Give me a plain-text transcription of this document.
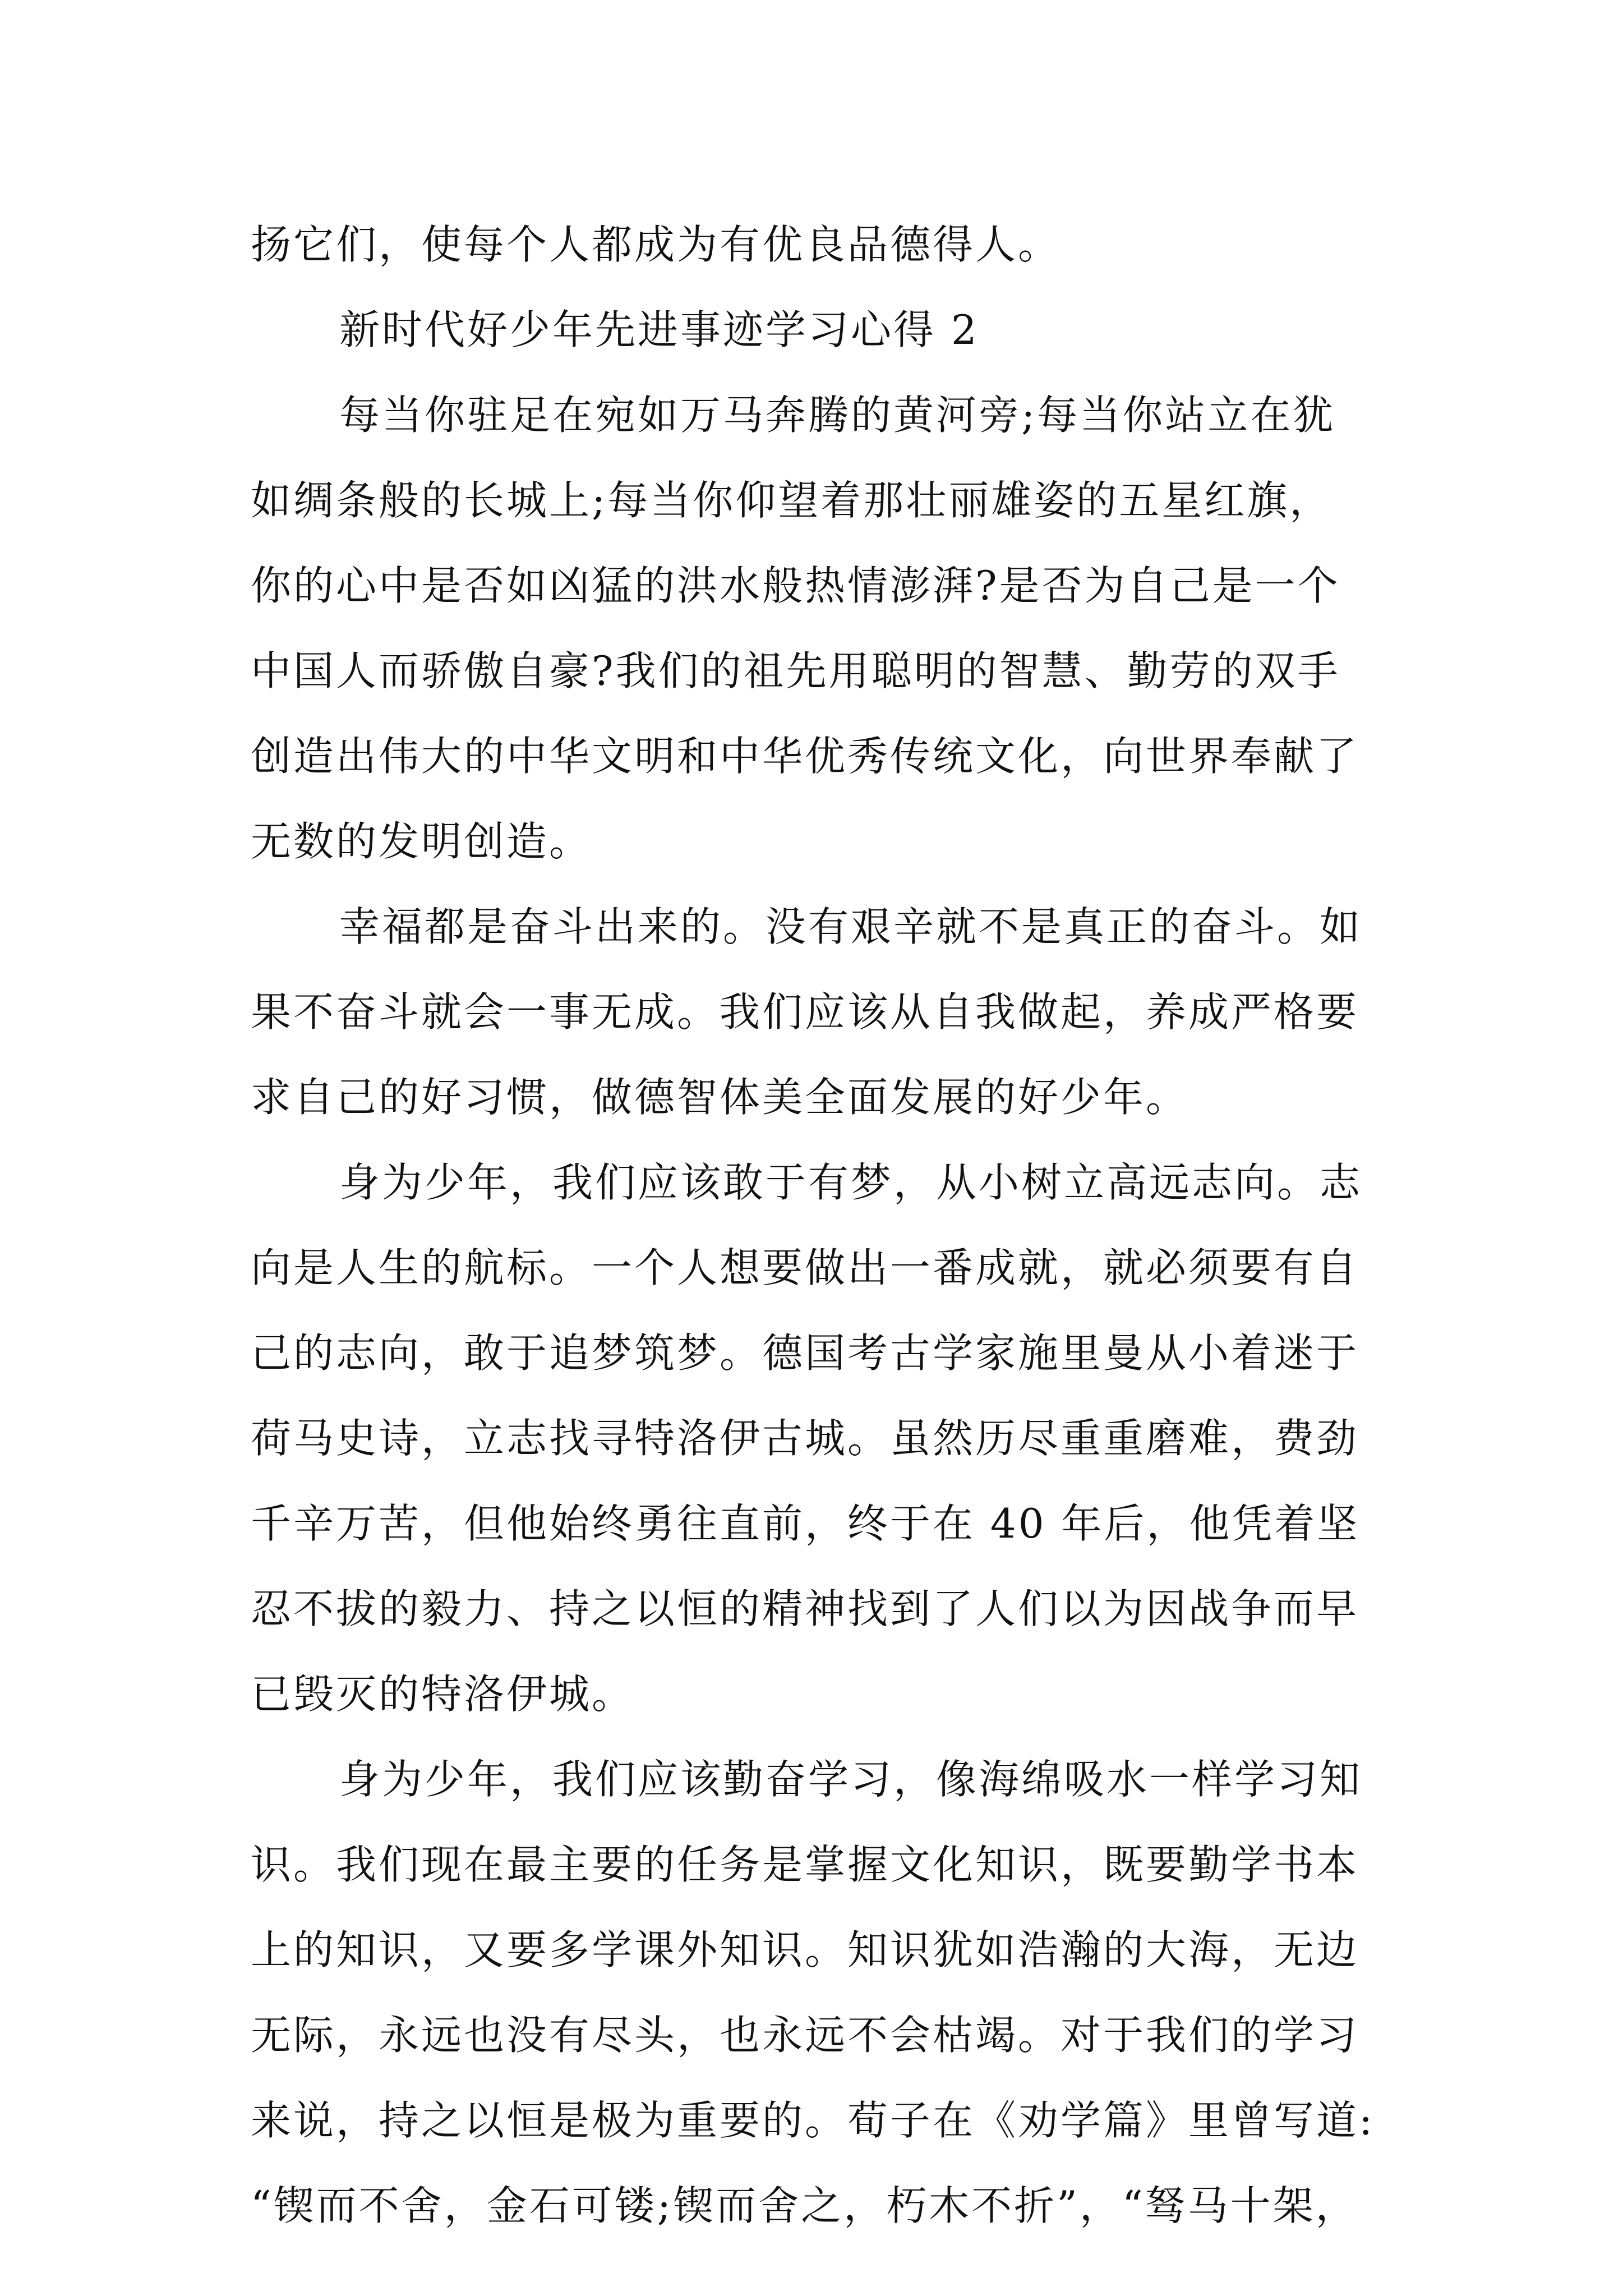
扬它们，使每个人都成为有优良品德得人。
新时代好少年先进事迹学习心得 2
每当你驻足在宛如万马奔腾的黄河旁;每当你站立在犹
如绸条般的长城上;每当你仰望着那壮丽雄姿的五星红旗，
你的心中是否如凶猛的洪水般热情澎湃?是否为自己是一个
中国人而骄傲自豪?我们的祖先用聪明的智慧、勤劳的双手
创造出伟大的中华文明和中华优秀传统文化，向世界奉献了
无数的发明创造。
幸福都是奋斗出来的。没有艰辛就不是真正的奋斗。如
果不奋斗就会一事无成。我们应该从自我做起，养成严格要
求自己的好习惯，做德智体美全面发展的好少年。
身为少年，我们应该敢于有梦，从小树立高远志向。志
向是人生的航标。一个人想要做出一番成就，就必须要有自
己的志向，敢于追梦筑梦。德国考古学家施里曼从小着迷于
荷马史诗，立志找寻特洛伊古城。虽然历尽重重磨难，费劲
千辛万苦，但他始终勇往直前，终于在 40 年后，他凭着坚
忍不拔的毅力、持之以恒的精神找到了人们以为因战争而早
已毁灭的特洛伊城。
身为少年，我们应该勤奋学习，像海绵吸水一样学习知
识。我们现在最主要的任务是掌握文化知识，既要勤学书本
上的知识，又要多学课外知识。知识犹如浩瀚的大海，无边
无际，永远也没有尽头，也永远不会枯竭。对于我们的学习
来说，持之以恒是极为重要的。荀子在《劝学篇》里曾写道:
“锲而不舍，金石可镂;锲而舍之，朽木不折”，“驽马十架，
